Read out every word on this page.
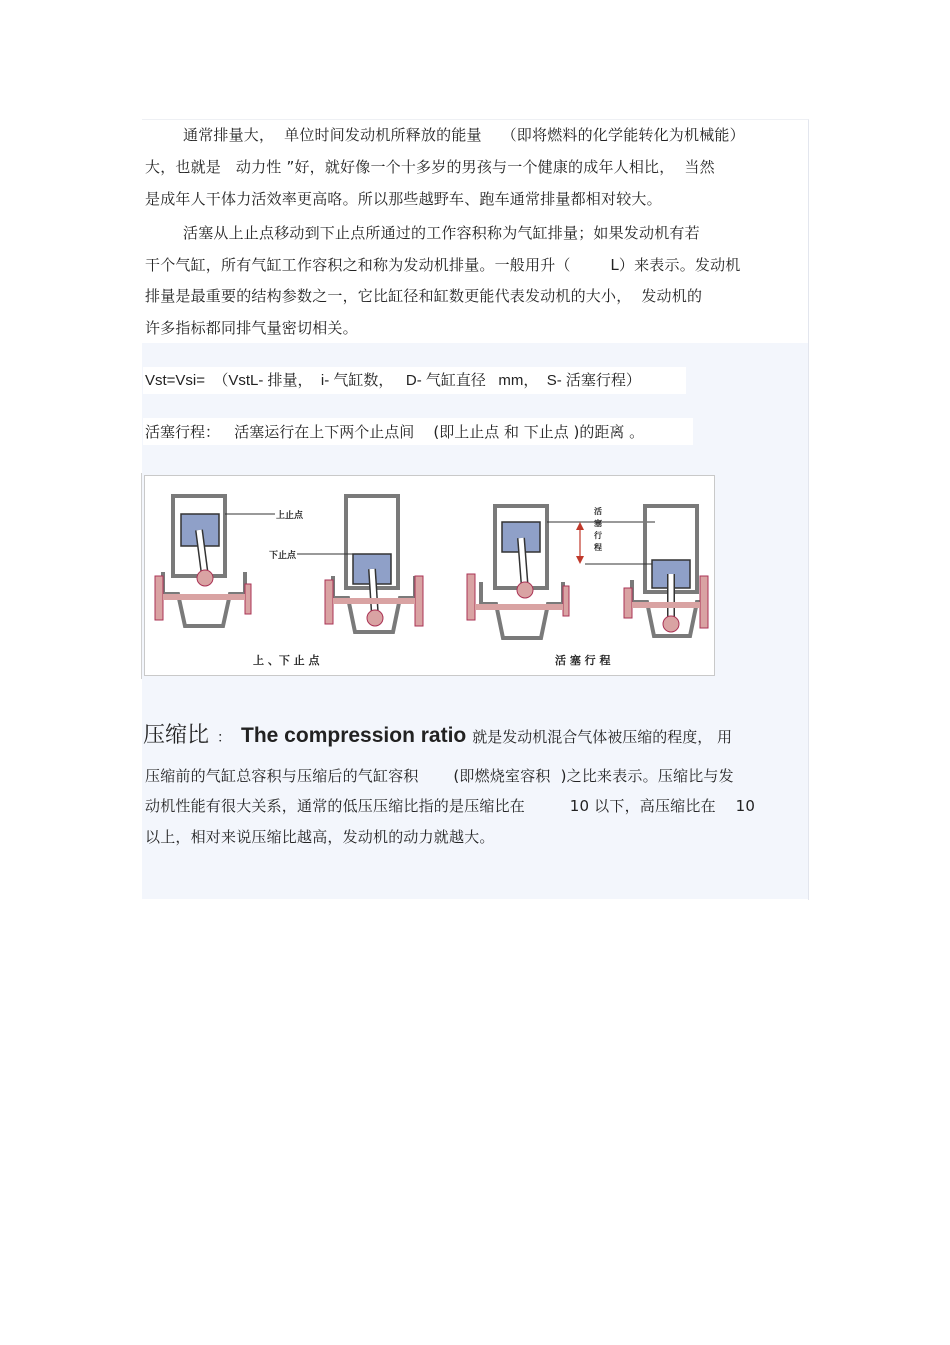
通常排量大，  单位时间发动机所释放的能量    （即将燃料的化学能转化为机械能）
大，也就是   动力性 ”好，就好像一个十多岁的男孩与一个健康的成年人相比，  当然
是成年人干体力活效率更高咯。所以那些越野车、跑车通常排量都相对较大。
活塞从上止点移动到下止点所通过的工作容积称为气缸排量；如果发动机有若
干个气缸，所有气缸工作容积之和称为发动机排量。一般用升（        L）来表示。发动机
排量是最重要的结构参数之一，它比缸径和缸数更能代表发动机的大小，  发动机的
许多指标都同排气量密切相关。
Vst=Vsi=  （VstL- 排量，  i- 气缸数，   D- 气缸直径   mm，  S- 活塞行程）
活塞行程：   活塞运行在上下两个止点间    (即上止点 和 下止点 )的距离 。
上止点
下止点
上 、下 止 点
活
塞
行
程
活 塞 行 程
压缩比 ： The compression ratio 就是发动机混合气体被压缩的程度， 用
压缩前的气缸总容积与压缩后的气缸容积       (即燃烧室容积  )之比来表示。压缩比与发
动机性能有很大关系，通常的低压压缩比指的是压缩比在         10 以下，高压缩比在    10
以上，相对来说压缩比越高，发动机的动力就越大。
